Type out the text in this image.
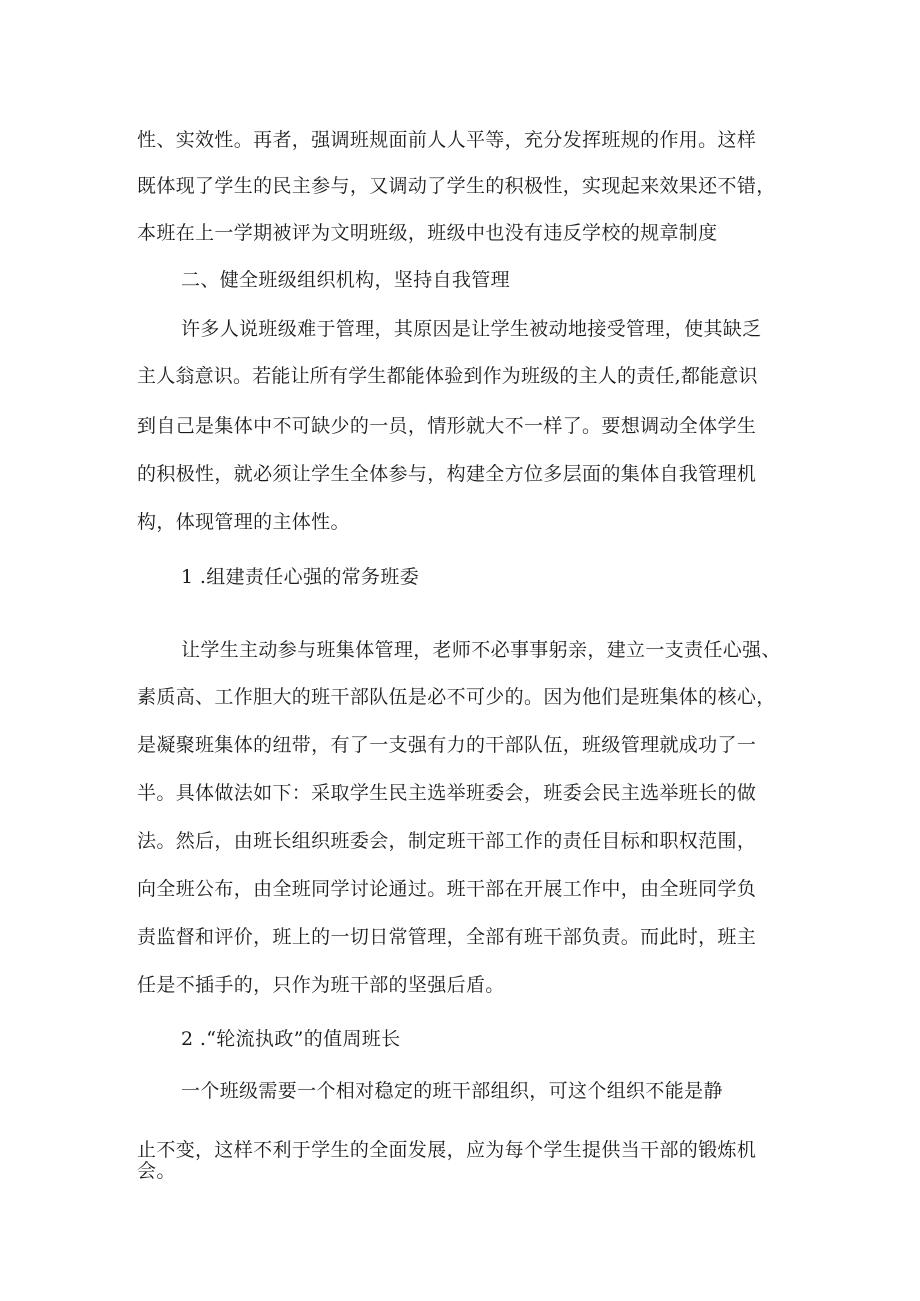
性、实效性。再者，强调班规面前人人平等，充分发挥班规的作用。这样
既体现了学生的民主参与，又调动了学生的积极性，实现起来效果还不错，
本班在上一学期被评为文明班级，班级中也没有违反学校的规章制度
二、健全班级组织机构，坚持自我管理
许多人说班级难于管理，其原因是让学生被动地接受管理，使其缺乏
主人翁意识。若能让所有学生都能体验到作为班级的主人的责任,都能意识
到自己是集体中不可缺少的一员，情形就大不一样了。要想调动全体学生
的积极性，就必须让学生全体参与，构建全方位多层面的集体自我管理机
构，体现管理的主体性。
1 .组建责任心强的常务班委
让学生主动参与班集体管理，老师不必事事躬亲，建立一支责任心强、
素质高、工作胆大的班干部队伍是必不可少的。因为他们是班集体的核心，
是凝聚班集体的纽带，有了一支强有力的干部队伍，班级管理就成功了一
半。具体做法如下：采取学生民主选举班委会，班委会民主选举班长的做
法。然后，由班长组织班委会，制定班干部工作的责任目标和职权范围，
向全班公布，由全班同学讨论通过。班干部在开展工作中，由全班同学负
责监督和评价，班上的一切日常管理，全部有班干部负责。而此时，班主
任是不插手的，只作为班干部的坚强后盾。
2 .“轮流执政”的值周班长
一个班级需要一个相对稳定的班干部组织，可这个组织不能是静
止不变，这样不利于学生的全面发展，应为每个学生提供当干部的锻炼机
会。
